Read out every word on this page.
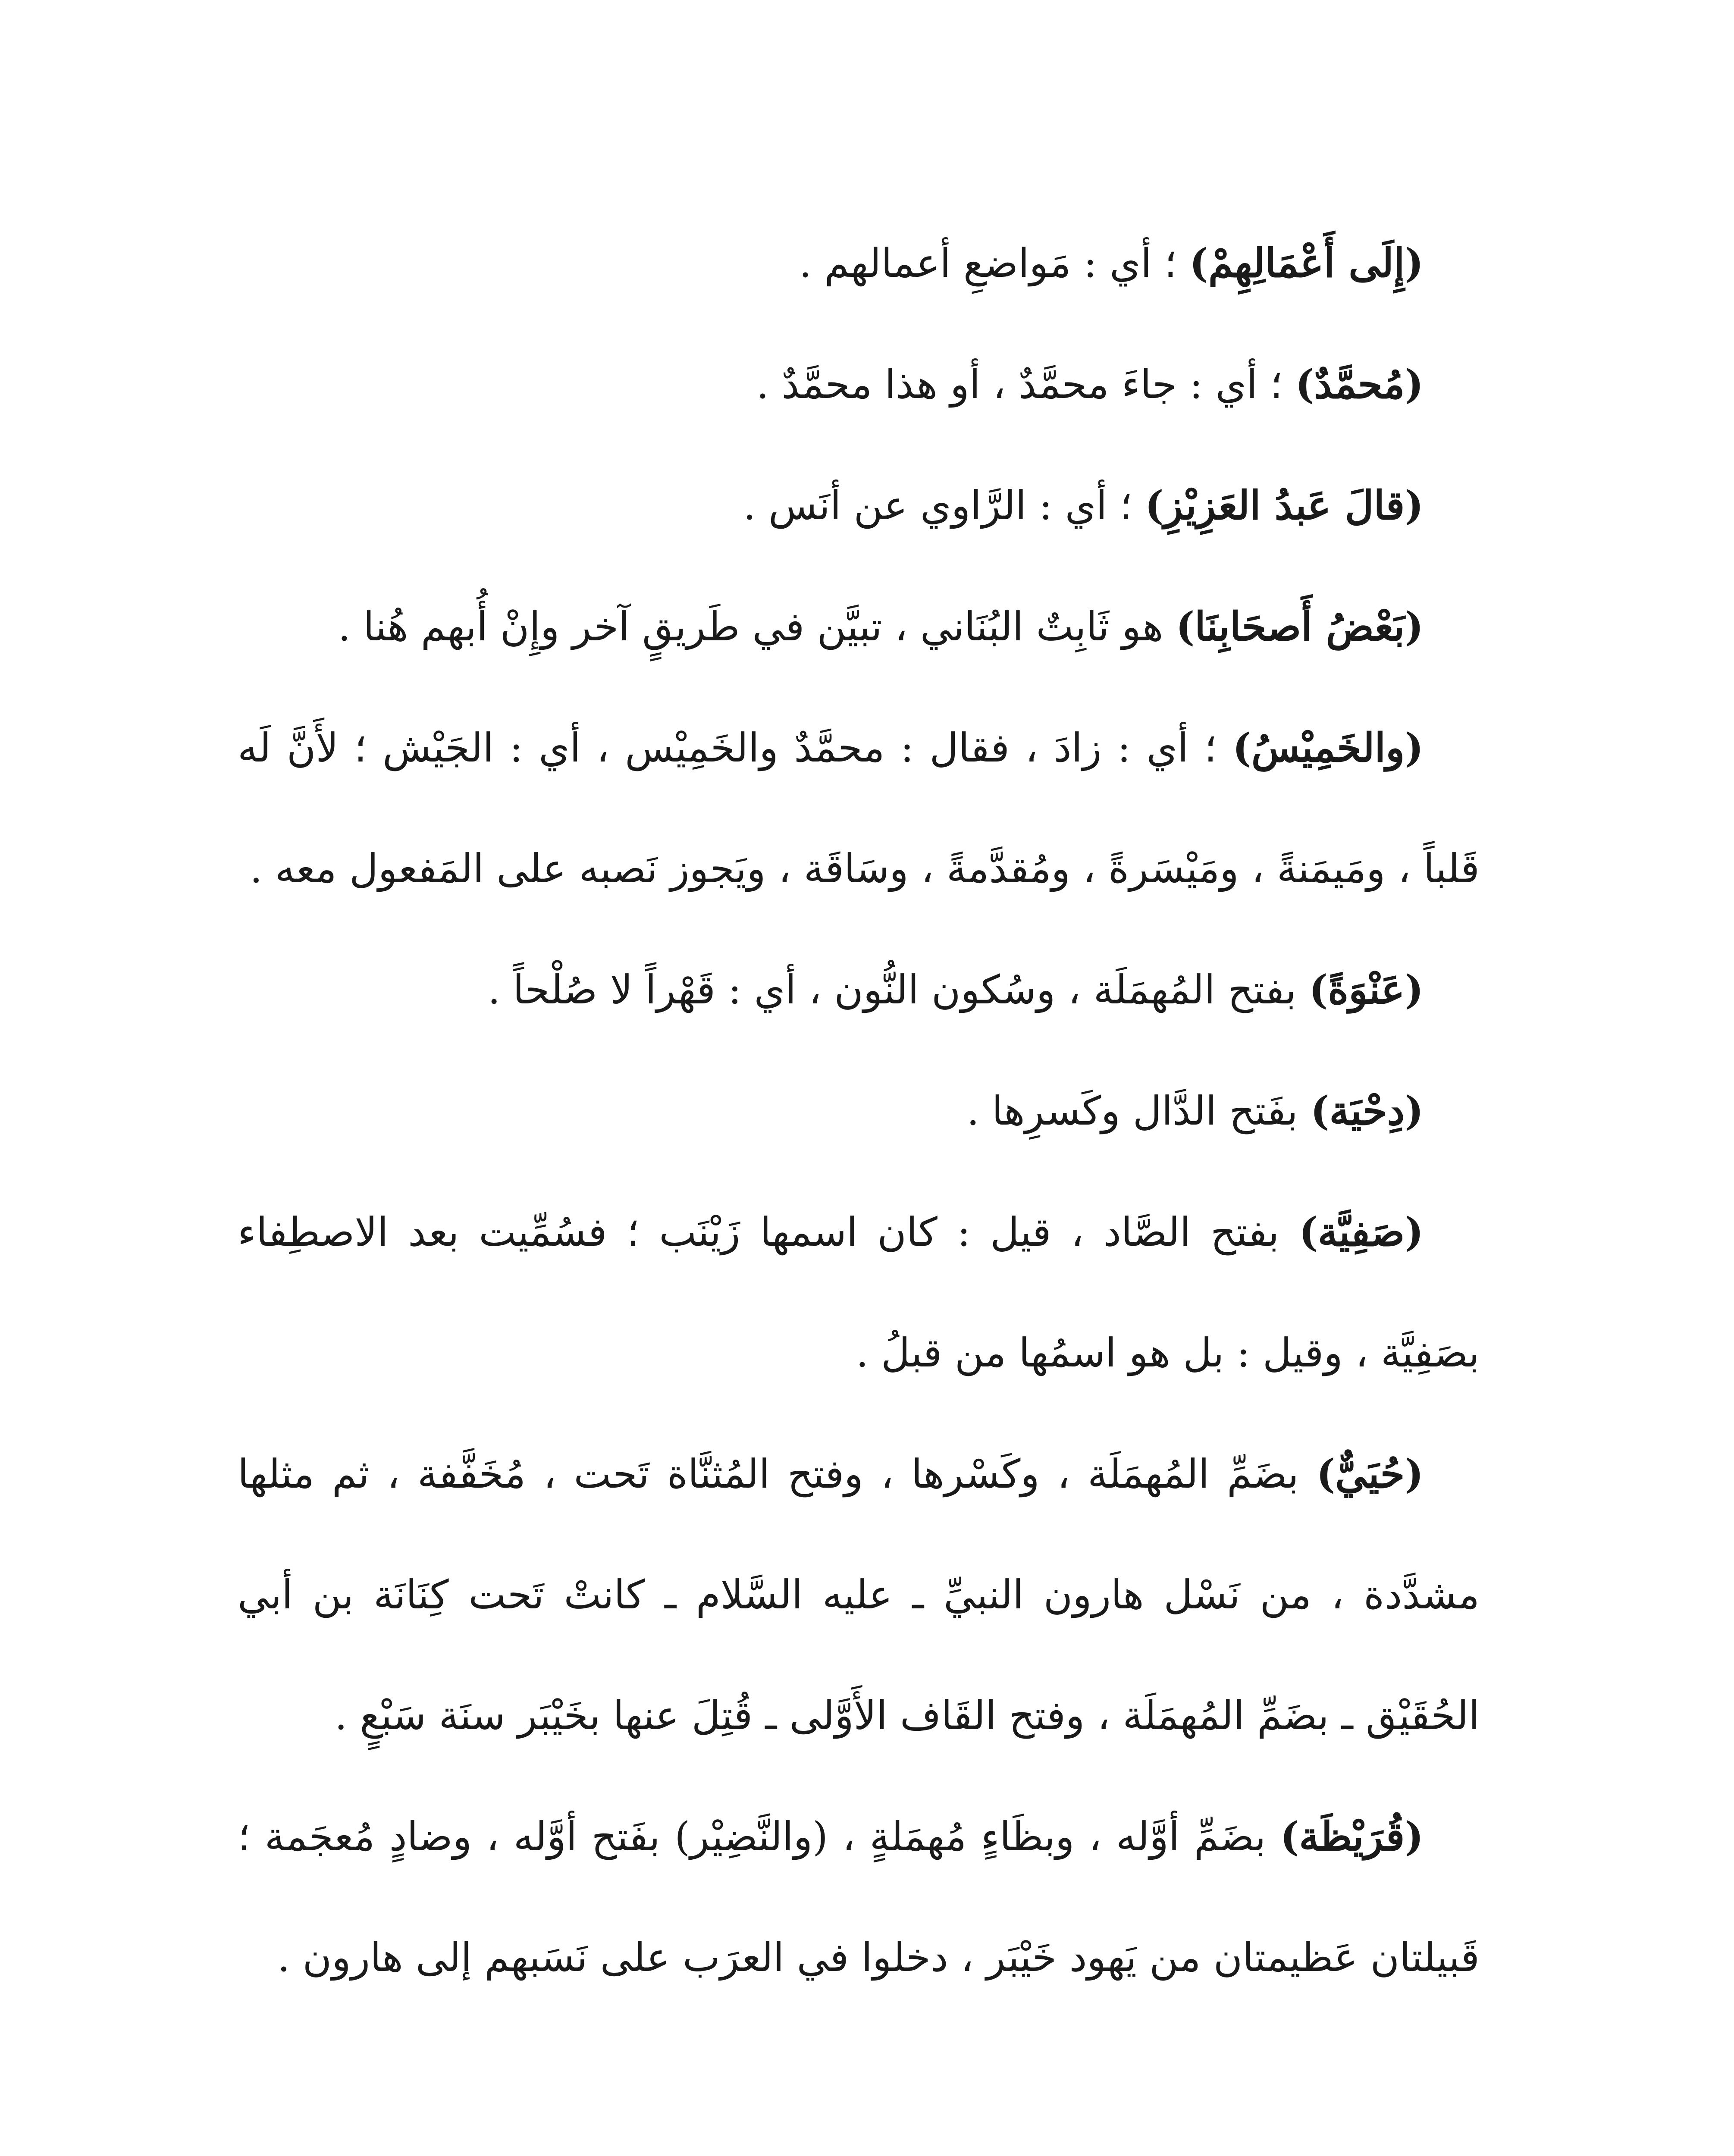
(إِلَى أَعْمَالِهِمْ) ؛ أي : مَواضعِ أعمالهم .

(مُحمَّدٌ) ؛ أي : جاءَ محمَّدٌ ، أو هذا محمَّدٌ .

(قالَ عَبدُ العَزِيْزِ) ؛ أي : الرَّاوي عن أنَس .

(بَعْضُ أَصحَابِنَا) هو ثَابِتٌ البُنَاني ، تبيَّن في طَريقٍ آخر وإِنْ أُبهم هُنا .

(والخَمِيْسُ) ؛ أي : زادَ ، فقال : محمَّدٌ والخَمِيْس ، أي : الجَيْش ؛ لأَنَّ لَه قَلباً ، ومَيمَنةً ، ومَيْسَرةً ، ومُقدَّمةً ، وسَاقَة ، ويَجوز نَصبه على المَفعول معه .

(عَنْوَةً) بفتح المُهمَلَة ، وسُكون النُّون ، أي : قَهْراً لا صُلْحاً .

(دِحْيَة) بفَتح الدَّال وكَسرِها .

(صَفِيَّة) بفتح الصَّاد ، قيل : كان اسمها زَيْنَب ؛ فسُمِّيت بعد الاصطِفاء بصَفِيَّة ، وقيل : بل هو اسمُها من قبلُ .

(حُيَيٌّ) بضَمِّ المُهمَلَة ، وكَسْرها ، وفتح المُثنَّاة تَحت ، مُخَفَّفة ، ثم مثلها مشدَّدة ، من نَسْل هارون النبيِّ ـ عليه السَّلام ـ كانتْ تَحت كِنَانَة بن أبي الحُقَيْق ـ بضَمِّ المُهمَلَة ، وفتح القَاف الأَوَّلى ـ قُتِلَ عنها بخَيْبَر سنَة سَبْعٍ .

(قُرَيْظَة) بضَمِّ أوَّله ، وبظَاءٍ مُهمَلةٍ ، (والنَّضِيْر) بفَتح أوَّله ، وضادٍ مُعجَمة ؛ قَبيلتان عَظيمتان من يَهود خَيْبَر ، دخلوا في العرَب على نَسَبهم إلى هارون .
